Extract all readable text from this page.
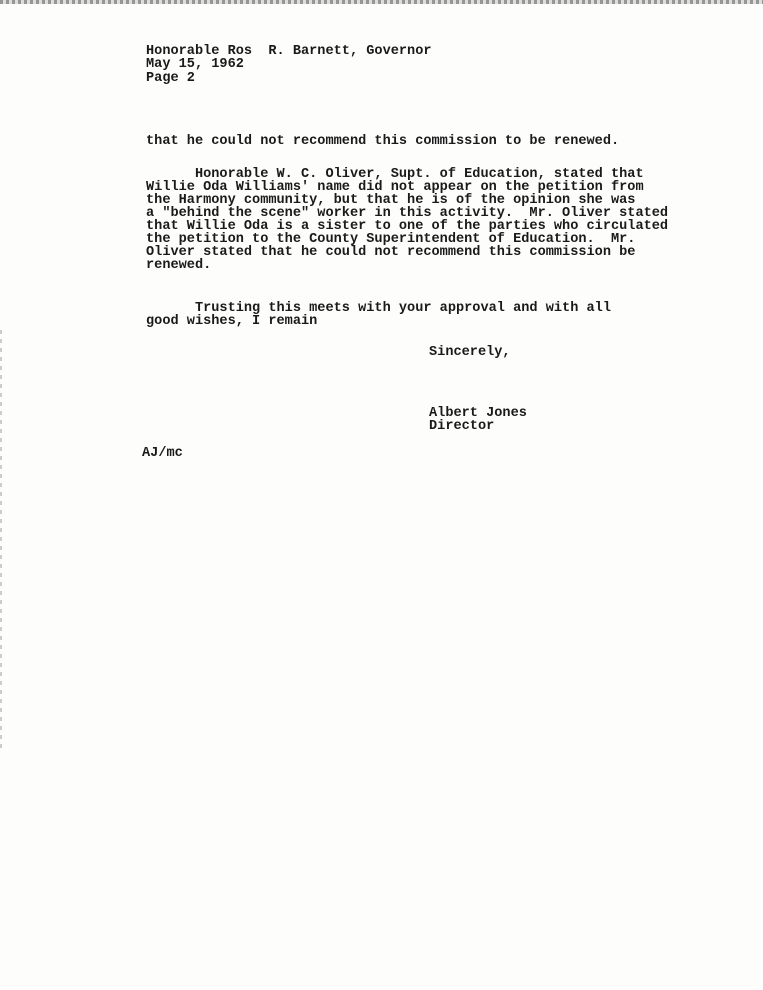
Honorable Ros  R. Barnett, Governor
May 15, 1962
Page 2
that he could not recommend this commission to be renewed.
Honorable W. C. Oliver, Supt. of Education, stated that
Willie Oda Williams' name did not appear on the petition from
the Harmony community, but that he is of the opinion she was
a "behind the scene" worker in this activity.  Mr. Oliver stated
that Willie Oda is a sister to one of the parties who circulated
the petition to the County Superintendent of Education.  Mr.
Oliver stated that he could not recommend this commission be
renewed.
Trusting this meets with your approval and with all
good wishes, I remain
Sincerely,
Albert Jones
Director
AJ/mc
